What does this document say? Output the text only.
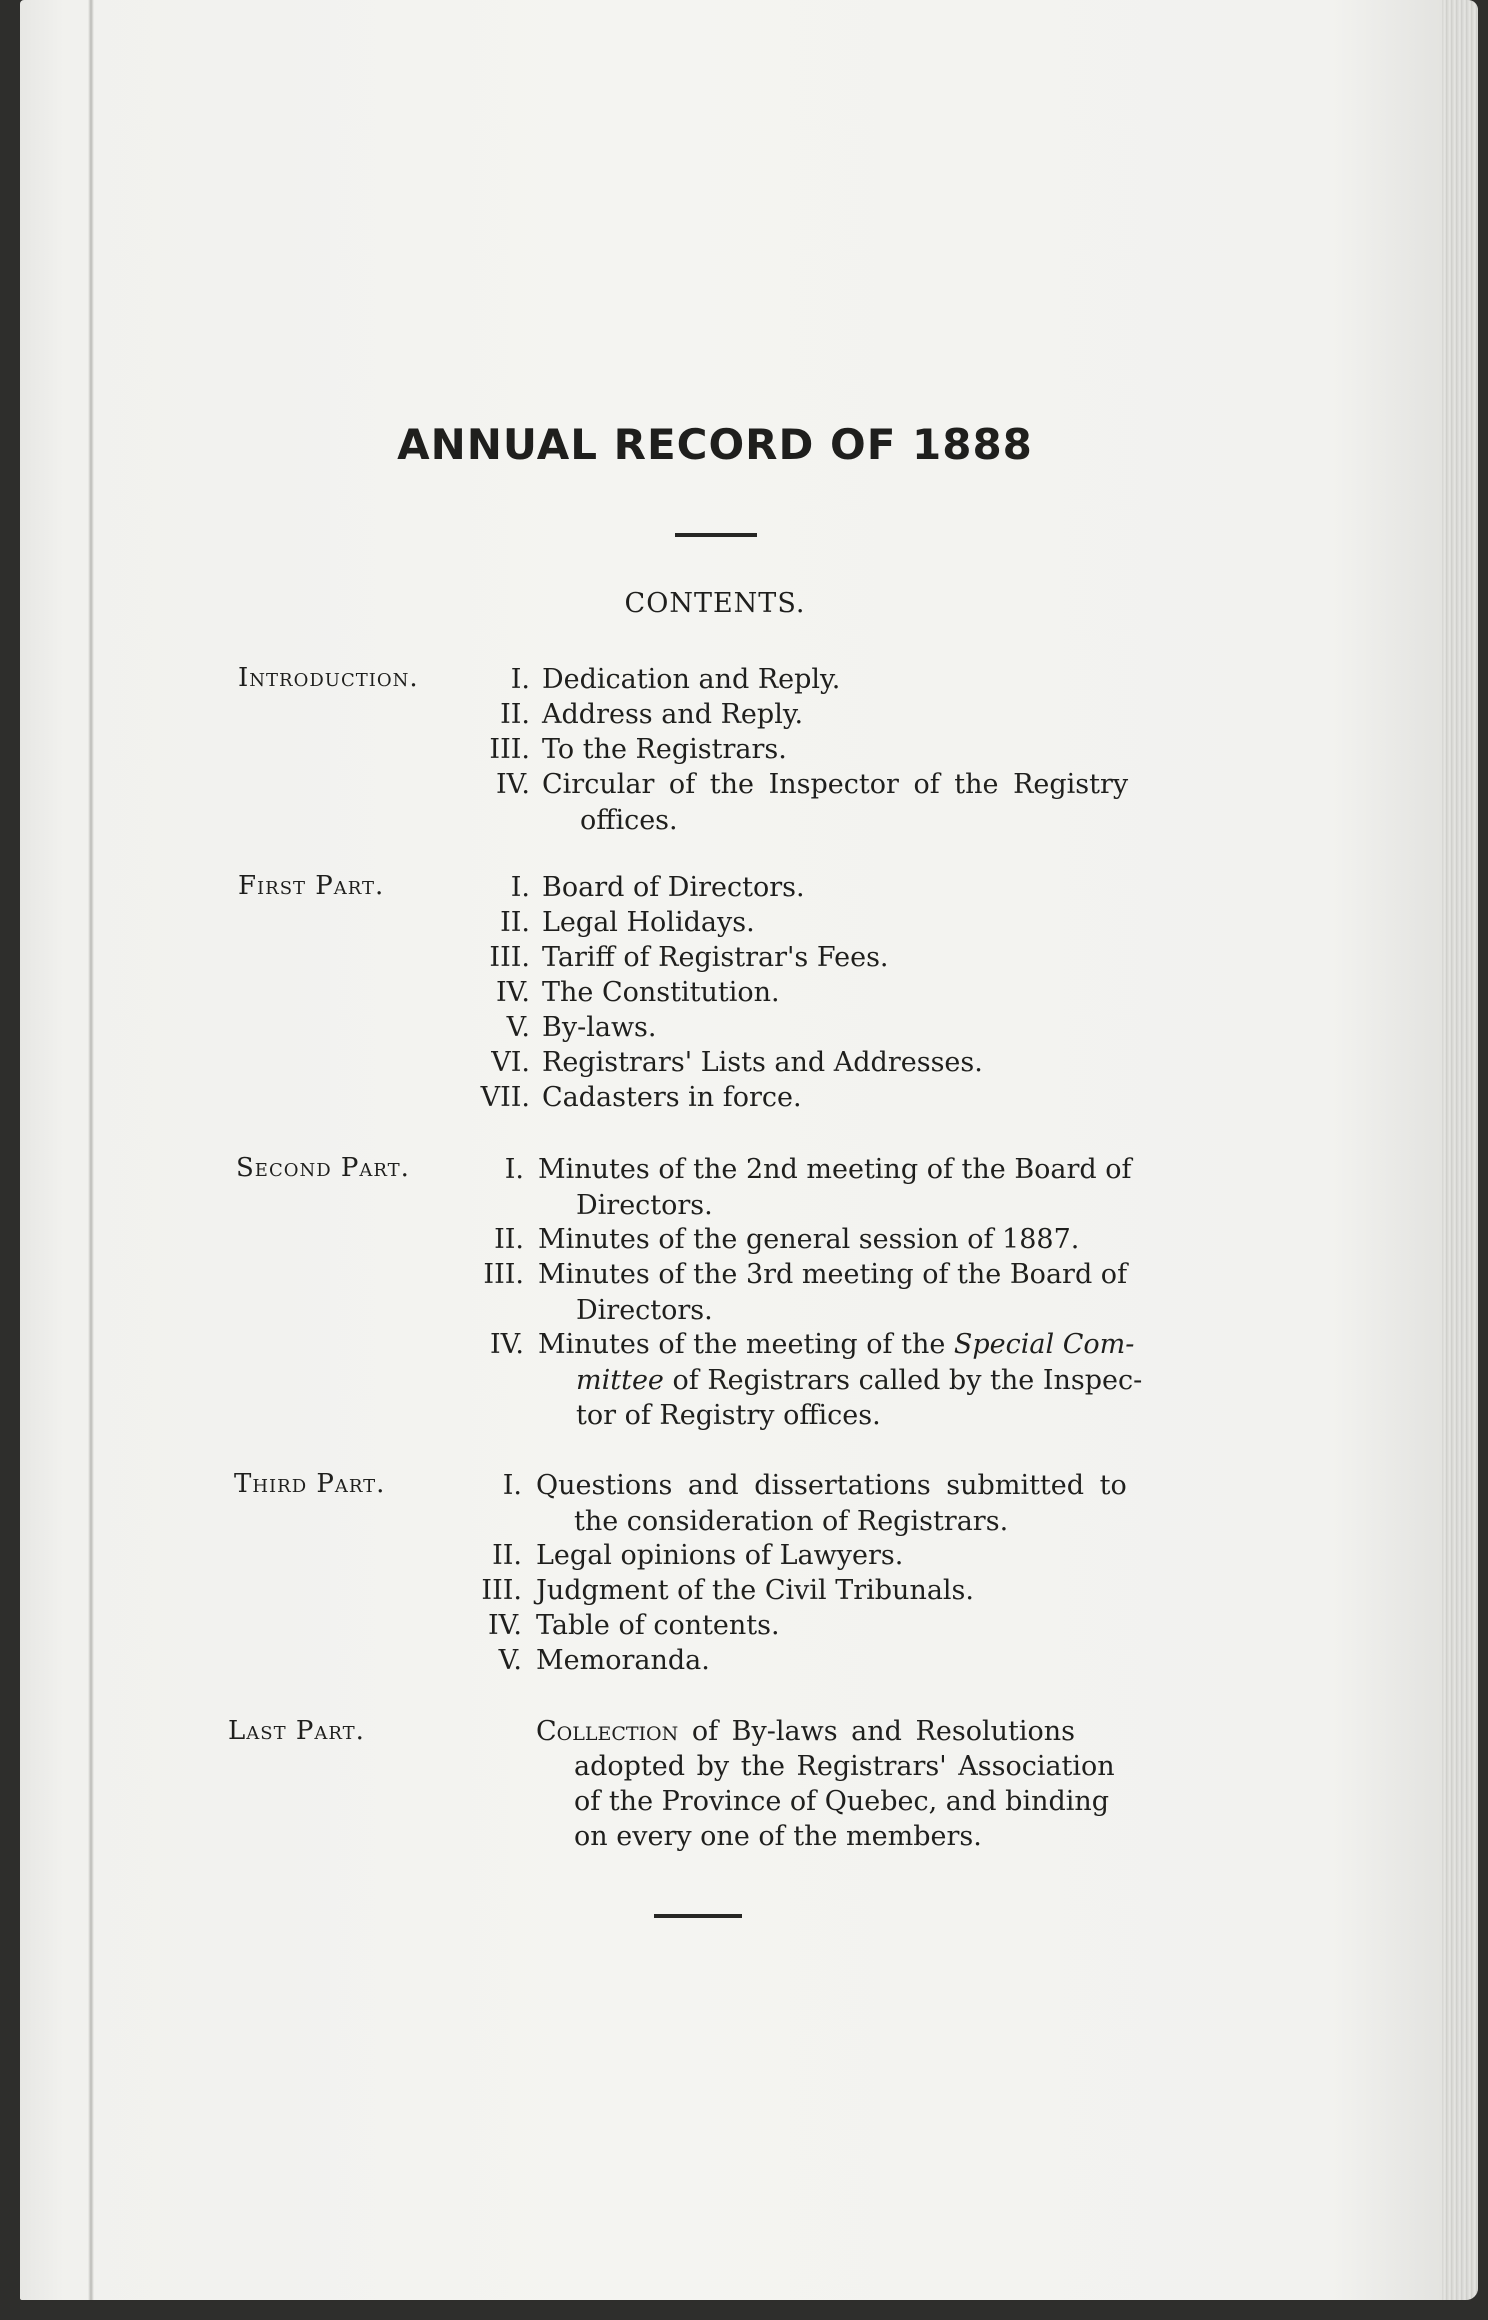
ANNUAL RECORD OF 1888
CONTENTS.
Introduction.	I. Dedication and Reply.
II. Address and Reply.
III. To the Registrars.
IV. Circular of the Inspector of the Registry
offices.
First Part.	I. Board of Directors.
II. Legal Holidays.
III. Tariff of Registrar's Fees.
IV. The Constitution.
V. By-laws.
VI. Registrars' Lists and Addresses.
VII. Cadasters in force.
Second Part.	I. Minutes of the 2nd meeting of the Board of
Directors.
II. Minutes of the general session of 1887.
III. Minutes of the 3rd meeting of the Board of
Directors.
IV. Minutes of the meeting of the Special Com-
mittee of Registrars called by the Inspec-
tor of Registry offices.
Third Part.	I. Questions and dissertations submitted to
the consideration of Registrars.
II. Legal opinions of Lawyers.
III. Judgment of the Civil Tribunals.
IV. Table of contents.
V. Memoranda.
Last Part.	Collection of By-laws and Resolutions
adopted by the Registrars' Association
of the Province of Quebec, and binding
on every one of the members.
